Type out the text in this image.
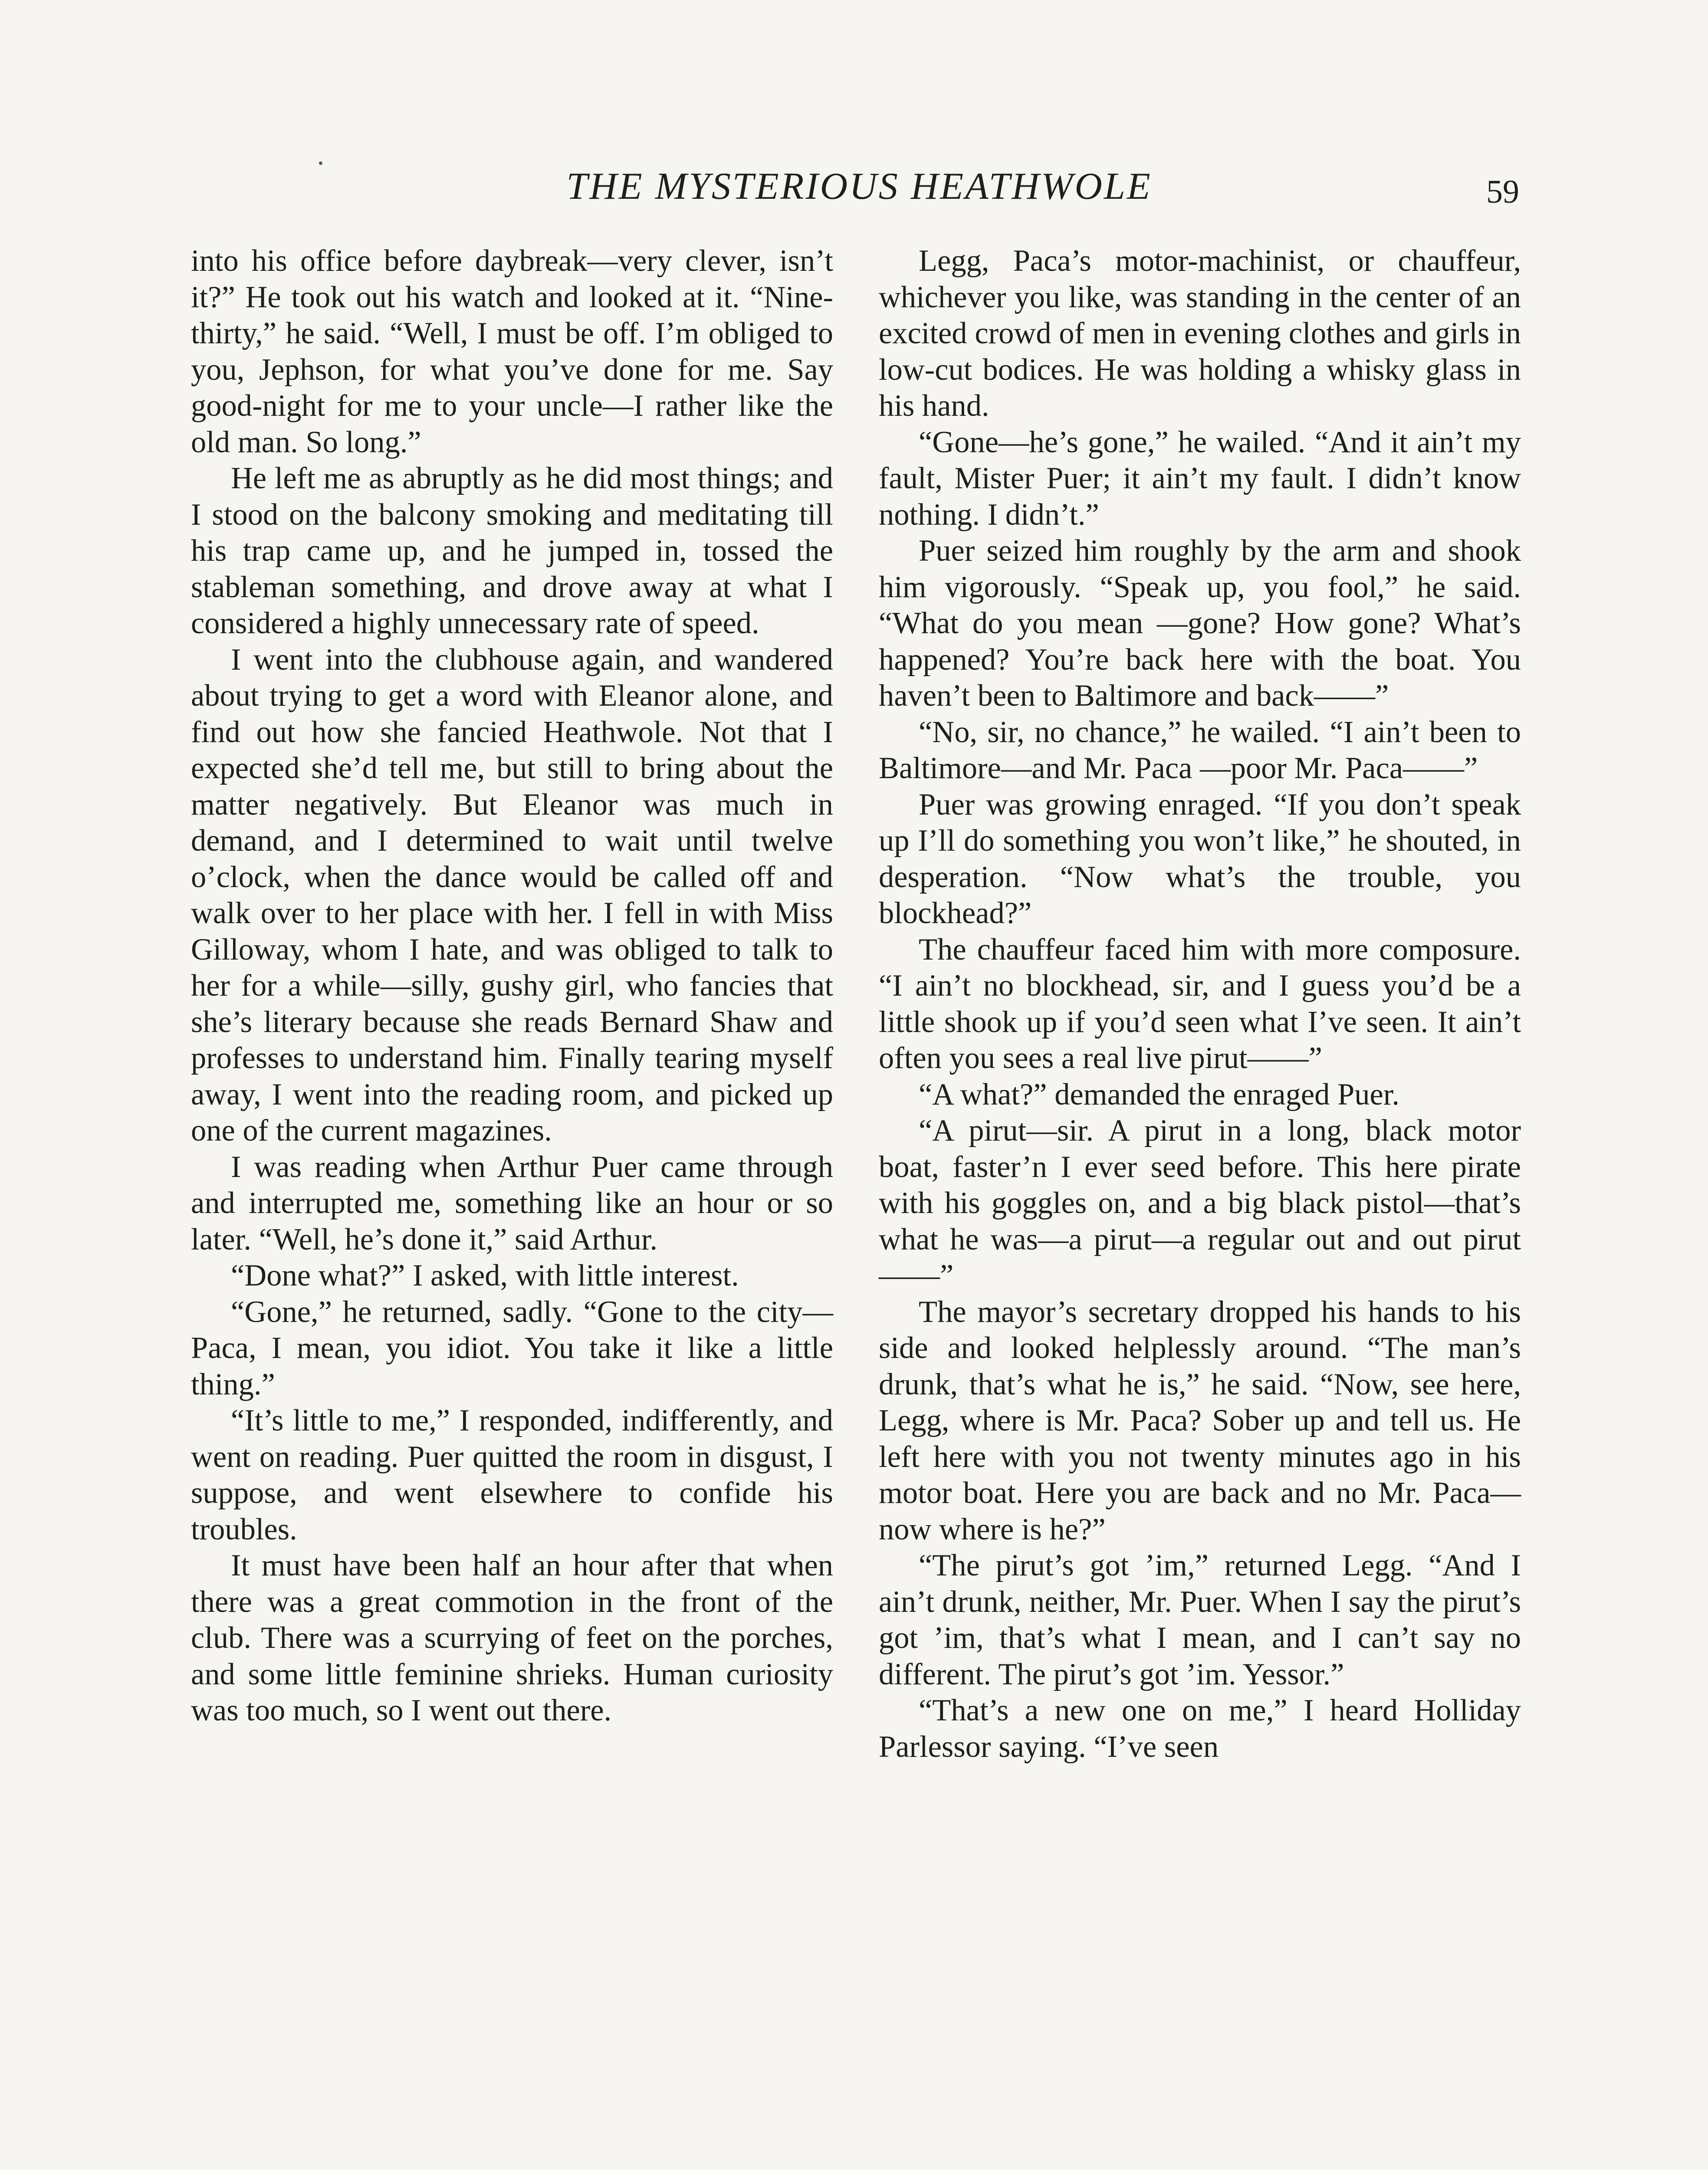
THE MYSTERIOUS HEATHWOLE	59

into his office before daybreak—very clever, isn’t it?” He took out his watch and looked at it. “Nine-thirty,” he said. “Well, I must be off. I’m obliged to you, Jephson, for what you’ve done for me. Say good-night for me to your uncle—I rather like the old man. So long.”

He left me as abruptly as he did most things; and I stood on the balcony smoking and meditating till his trap came up, and he jumped in, tossed the stableman something, and drove away at what I considered a highly unnecessary rate of speed.

I went into the clubhouse again, and wandered about trying to get a word with Eleanor alone, and find out how she fancied Heathwole. Not that I expected she’d tell me, but still to bring about the matter negatively. But Eleanor was much in demand, and I determined to wait until twelve o’clock, when the dance would be called off and walk over to her place with her. I fell in with Miss Gilloway, whom I hate, and was obliged to talk to her for a while—silly, gushy girl, who fancies that she’s literary because she reads Bernard Shaw and professes to understand him. Finally tearing myself away, I went into the reading room, and picked up one of the current magazines.

I was reading when Arthur Puer came through and interrupted me, something like an hour or so later. “Well, he’s done it,” said Arthur.

“Done what?” I asked, with little interest.

“Gone,” he returned, sadly. “Gone to the city—Paca, I mean, you idiot. You take it like a little thing.”

“It’s little to me,” I responded, indifferently, and went on reading. Puer quitted the room in disgust, I suppose, and went elsewhere to confide his troubles.

It must have been half an hour after that when there was a great commotion in the front of the club. There was a scurrying of feet on the porches, and some little feminine shrieks. Human curiosity was too much, so I went out there.

Legg, Paca’s motor-machinist, or chauffeur, whichever you like, was standing in the center of an excited crowd of men in evening clothes and girls in low-cut bodices. He was holding a whisky glass in his hand.

“Gone—he’s gone,” he wailed. “And it ain’t my fault, Mister Puer; it ain’t my fault. I didn’t know nothing. I didn’t.”

Puer seized him roughly by the arm and shook him vigorously. “Speak up, you fool,” he said. “What do you mean —gone? How gone? What’s happened? You’re back here with the boat. You haven’t been to Baltimore and back——”

“No, sir, no chance,” he wailed. “I ain’t been to Baltimore—and Mr. Paca —poor Mr. Paca——”

Puer was growing enraged. “If you don’t speak up I’ll do something you won’t like,” he shouted, in desperation. “Now what’s the trouble, you blockhead?”

The chauffeur faced him with more composure. “I ain’t no blockhead, sir, and I guess you’d be a little shook up if you’d seen what I’ve seen. It ain’t often you sees a real live pirut——”

“A what?” demanded the enraged Puer.

“A pirut—sir. A pirut in a long, black motor boat, faster’n I ever seed before. This here pirate with his goggles on, and a big black pistol—that’s what he was—a pirut—a regular out and out pirut——”

The mayor’s secretary dropped his hands to his side and looked helplessly around. “The man’s drunk, that’s what he is,” he said. “Now, see here, Legg, where is Mr. Paca? Sober up and tell us. He left here with you not twenty minutes ago in his motor boat. Here you are back and no Mr. Paca—now where is he?”

“The pirut’s got ’im,” returned Legg. “And I ain’t drunk, neither, Mr. Puer. When I say the pirut’s got ’im, that’s what I mean, and I can’t say no different. The pirut’s got ’im. Yessor.”

“That’s a new one on me,” I heard Holliday Parlessor saying. “I’ve seen
